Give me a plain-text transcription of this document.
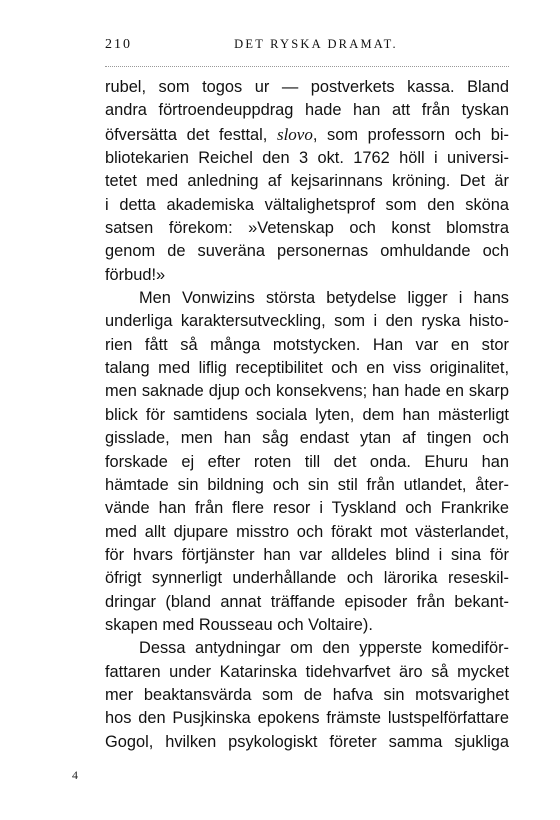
210	DET RYSKA DRAMAT.
rubel, som togos ur — postverkets kassa. Bland
andra förtroendeuppdrag hade han att från tyskan
öfversätta det festtal, slovo, som professorn och bi-
bliotekarien Reichel den 3 okt. 1762 höll i universi-
tetet med anledning af kejsarinnans kröning. Det är
i detta akademiska vältalighetsprof som den sköna
satsen förekom: »Vetenskap och konst blomstra
genom de suveräna personernas omhuldande och
förbud!»
Men Vonwizins största betydelse ligger i hans
underliga karaktersutveckling, som i den ryska histo-
rien fått så många motstycken. Han var en stor
talang med liflig receptibilitet och en viss originalitet,
men saknade djup och konsekvens; han hade en skarp
blick för samtidens sociala lyten, dem han mästerligt
gisslade, men han såg endast ytan af tingen och
forskade ej efter roten till det onda. Ehuru han
hämtade sin bildning och sin stil från utlandet, åter-
vände han från flere resor i Tyskland och Frankrike
med allt djupare misstro och förakt mot västerlandet,
för hvars förtjänster han var alldeles blind i sina för
öfrigt synnerligt underhållande och lärorika reseskil-
dringar (bland annat träffande episoder från bekant-
skapen med Rousseau och Voltaire).
Dessa antydningar om den ypperste komediför-
fattaren under Katarinska tidehvarfvet äro så mycket
mer beaktansvärda som de hafva sin motsvarighet
hos den Pusjkinska epokens främste lustspelförfattare
Gogol, hvilken psykologiskt företer samma sjukliga
4
